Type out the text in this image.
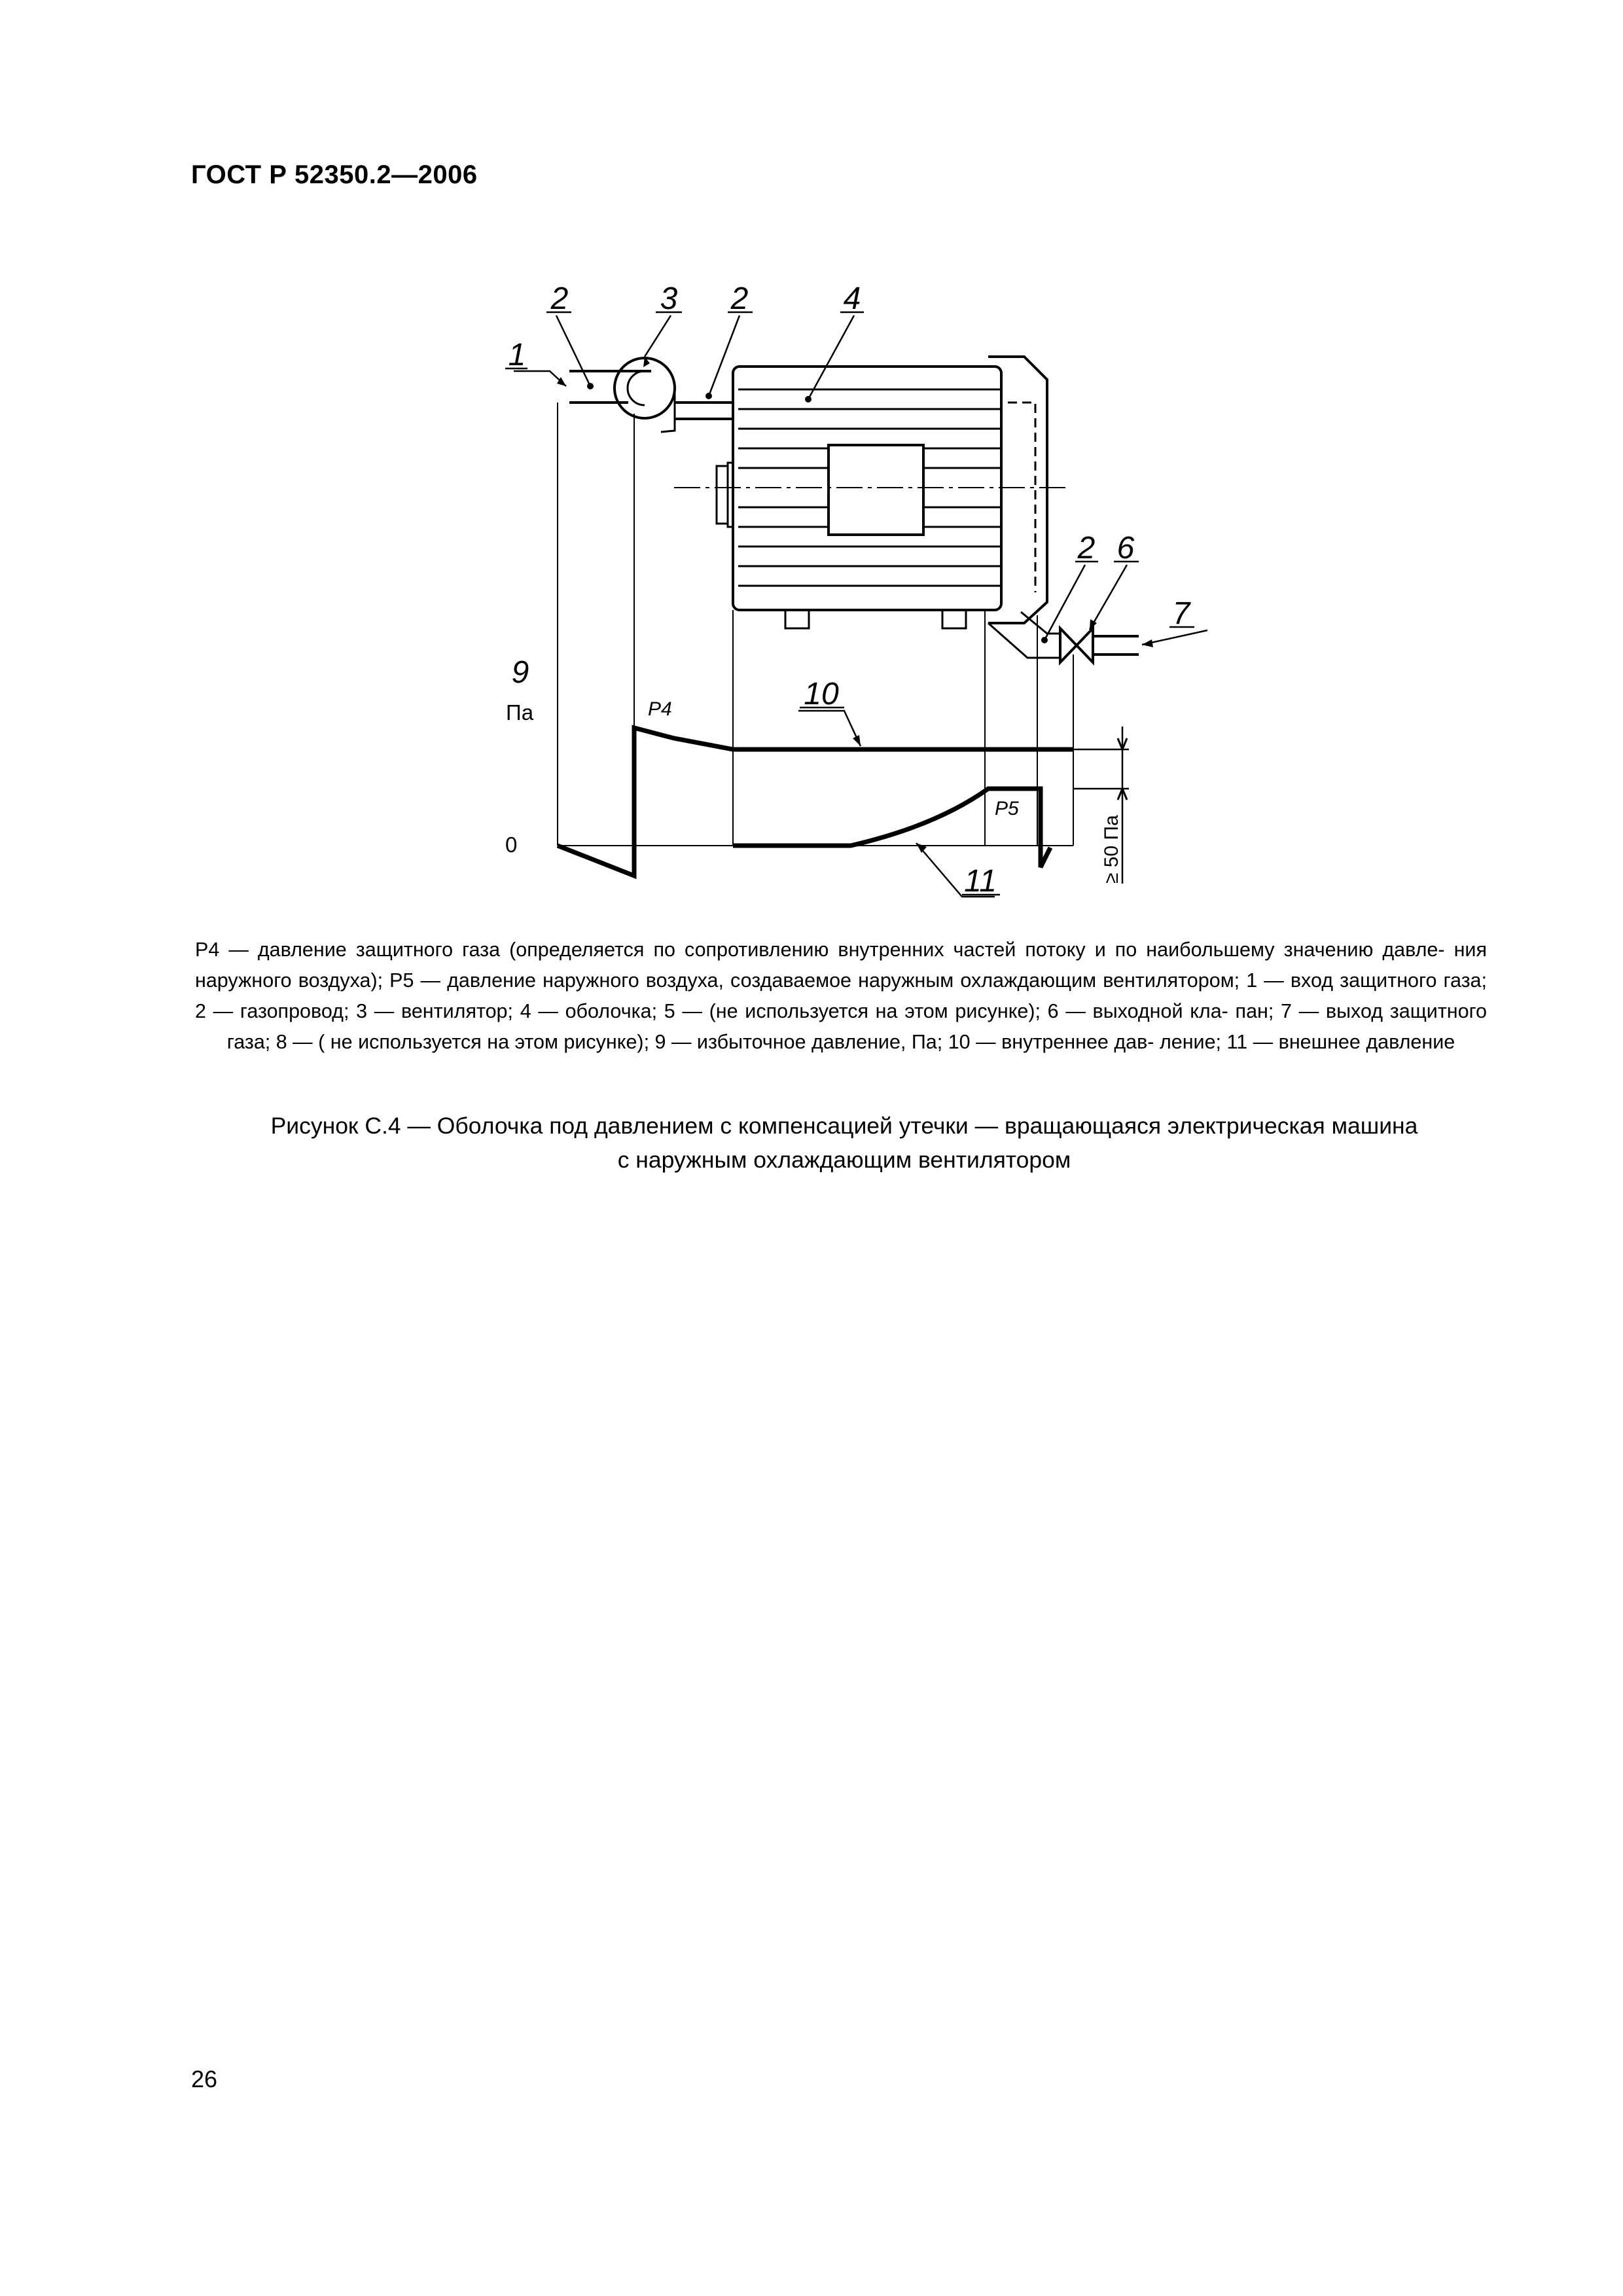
ГОСТ Р 52350.2—2006
1
2	3 2	4
2 6
7
9
10
11
Па
0
P4
P5
≥ 50 Па
P4 — давление защитного газа (определяется по сопротивлению внутренних частей потоку и по наибольшему значению давле- ния наружного воздуха); P5 — давление наружного воздуха, создаваемое наружным охлаждающим вентилятором; 1 — вход защитного газа; 2 — газопровод; 3 — вентилятор; 4 — оболочка; 5 — (не используется на этом рисунке); 6 — выходной кла- пан; 7 — выход защитного газа; 8 — ( не используется на этом рисунке); 9 — избыточное давление, Па; 10 — внутреннее дав- ление; 11 — внешнее давление
Рисунок С.4 — Оболочка под давлением с компенсацией утечки — вращающаяся электрическая машина
с наружным охлаждающим вентилятором
26
